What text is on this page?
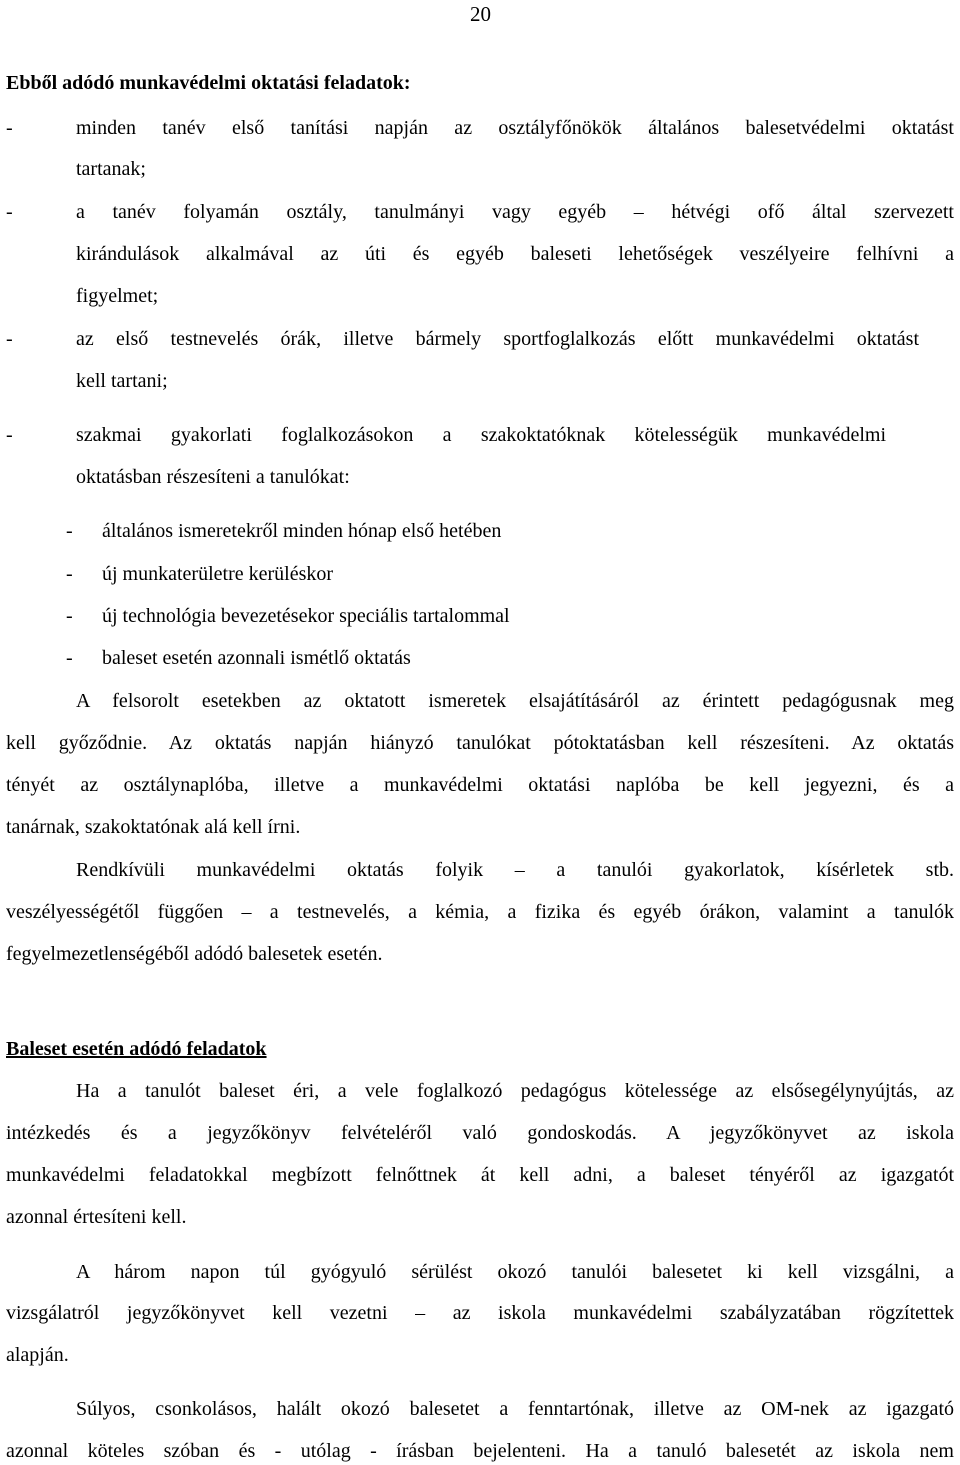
20
Ebből adódó munkavédelmi oktatási feladatok:
-	minden tanév első tanítási napján az osztályfőnökök általános balesetvédelmi oktatást
tartanak;
-	a tanév folyamán osztály, tanulmányi vagy egyéb – hétvégi ofő által szervezett
kirándulások alkalmával az úti és egyéb baleseti lehetőségek veszélyeire felhívni a
figyelmet;
-	az első testnevelés órák, illetve bármely sportfoglalkozás előtt munkavédelmi oktatást
kell tartani;
-	szakmai gyakorlati foglalkozásokon a szakoktatóknak kötelességük munkavédelmi
oktatásban részesíteni a tanulókat:
- általános ismeretekről minden hónap első hetében
- új munkaterületre kerüléskor
- új technológia bevezetésekor speciális tartalommal
- baleset esetén azonnali ismétlő oktatás
A felsorolt esetekben az oktatott ismeretek elsajátításáról az érintett pedagógusnak meg
kell győződnie. Az oktatás napján hiányzó tanulókat pótoktatásban kell részesíteni. Az oktatás
tényét az osztálynaplóba, illetve a munkavédelmi oktatási naplóba be kell jegyezni, és a
tanárnak, szakoktatónak alá kell írni.
Rendkívüli munkavédelmi oktatás folyik – a tanulói gyakorlatok, kísérletek stb.
veszélyességétől függően – a testnevelés, a kémia, a fizika és egyéb órákon, valamint a tanulók
fegyelmezetlenségéből adódó balesetek esetén.
Baleset esetén adódó feladatok
Ha a tanulót baleset éri, a vele foglalkozó pedagógus kötelessége az elsősegélynyújtás, az
intézkedés és a jegyzőkönyv felvételéről való gondoskodás. A jegyzőkönyvet az iskola
munkavédelmi feladatokkal megbízott felnőttnek át kell adni, a baleset tényéről az igazgatót
azonnal értesíteni kell.
A három napon túl gyógyuló sérülést okozó tanulói balesetet ki kell vizsgálni, a
vizsgálatról jegyzőkönyvet kell vezetni – az iskola munkavédelmi szabályzatában rögzítettek
alapján.
Súlyos, csonkolásos, halált okozó balesetet a fenntartónak, illetve az OM-nek az igazgató
azonnal köteles szóban és - utólag - írásban bejelenteni. Ha a tanuló balesetét az iskola nem
